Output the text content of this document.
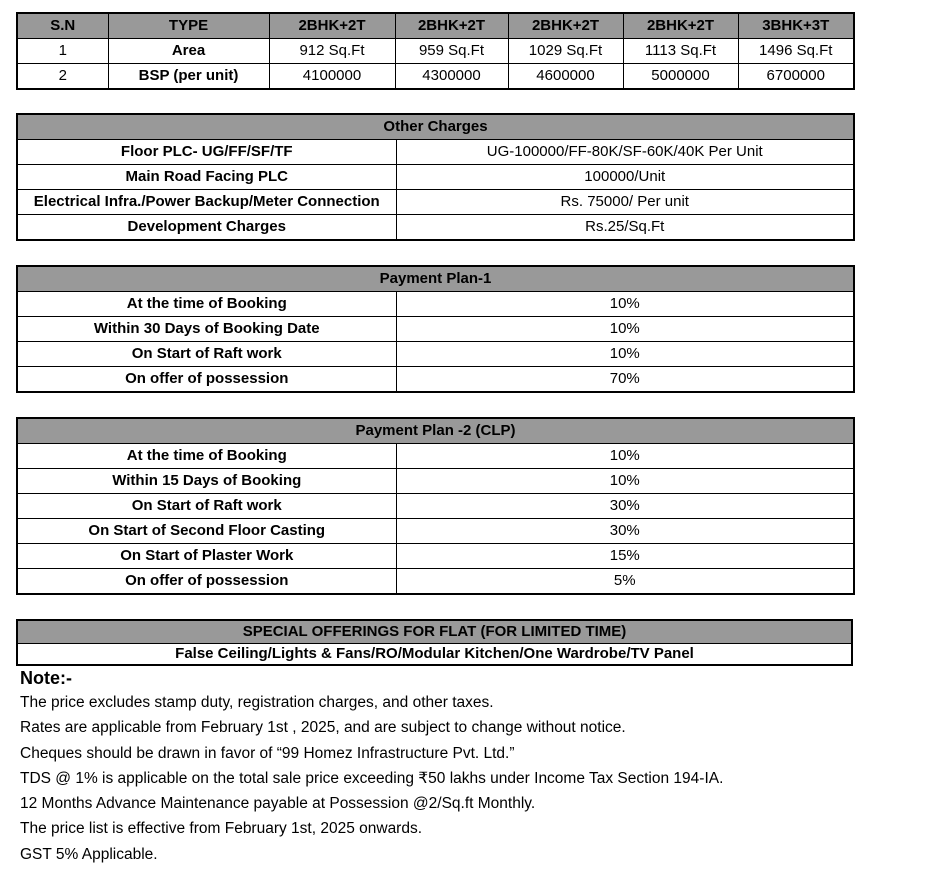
S.N	TYPE	2BHK+2T	2BHK+2T	2BHK+2T	2BHK+2T	3BHK+3T
1	Area	912 Sq.Ft	959 Sq.Ft	1029 Sq.Ft	1113 Sq.Ft	1496 Sq.Ft
2	BSP (per unit)	4100000	4300000	4600000	5000000	6700000
Other Charges	
Floor PLC- UG/FF/SF/TF	UG-100000/FF-80K/SF-60K/40K Per Unit
Main Road Facing PLC	100000/Unit
Electrical Infra./Power Backup/Meter Connection	Rs. 75000/ Per unit
Development Charges	Rs.25/Sq.Ft
Payment Plan-1	
At the time of Booking	10%
Within 30 Days of Booking Date	10%
On Start of Raft work	10%
On offer of possession	70%
Payment Plan -2 (CLP)	
At the time of Booking	10%
Within 15 Days of Booking	10%
On Start of Raft work	30%
On Start of Second Floor Casting	30%
On Start of Plaster Work	15%
On offer of possession	5%
SPECIAL OFFERINGS FOR FLAT (FOR LIMITED TIME)
False Ceiling/Lights & Fans/RO/Modular Kitchen/One Wardrobe/TV Panel
Note:-
The price excludes stamp duty, registration charges, and other taxes.
Rates are applicable from February 1st , 2025, and are subject to change without notice.
Cheques should be drawn in favor of “99 Homez Infrastructure Pvt. Ltd.”
TDS @ 1% is applicable on the total sale price exceeding ₹50 lakhs under Income Tax Section 194-IA.
12 Months Advance Maintenance payable at Possession @2/Sq.ft Monthly.
The price list is effective from February 1st, 2025 onwards.
GST 5% Applicable.
